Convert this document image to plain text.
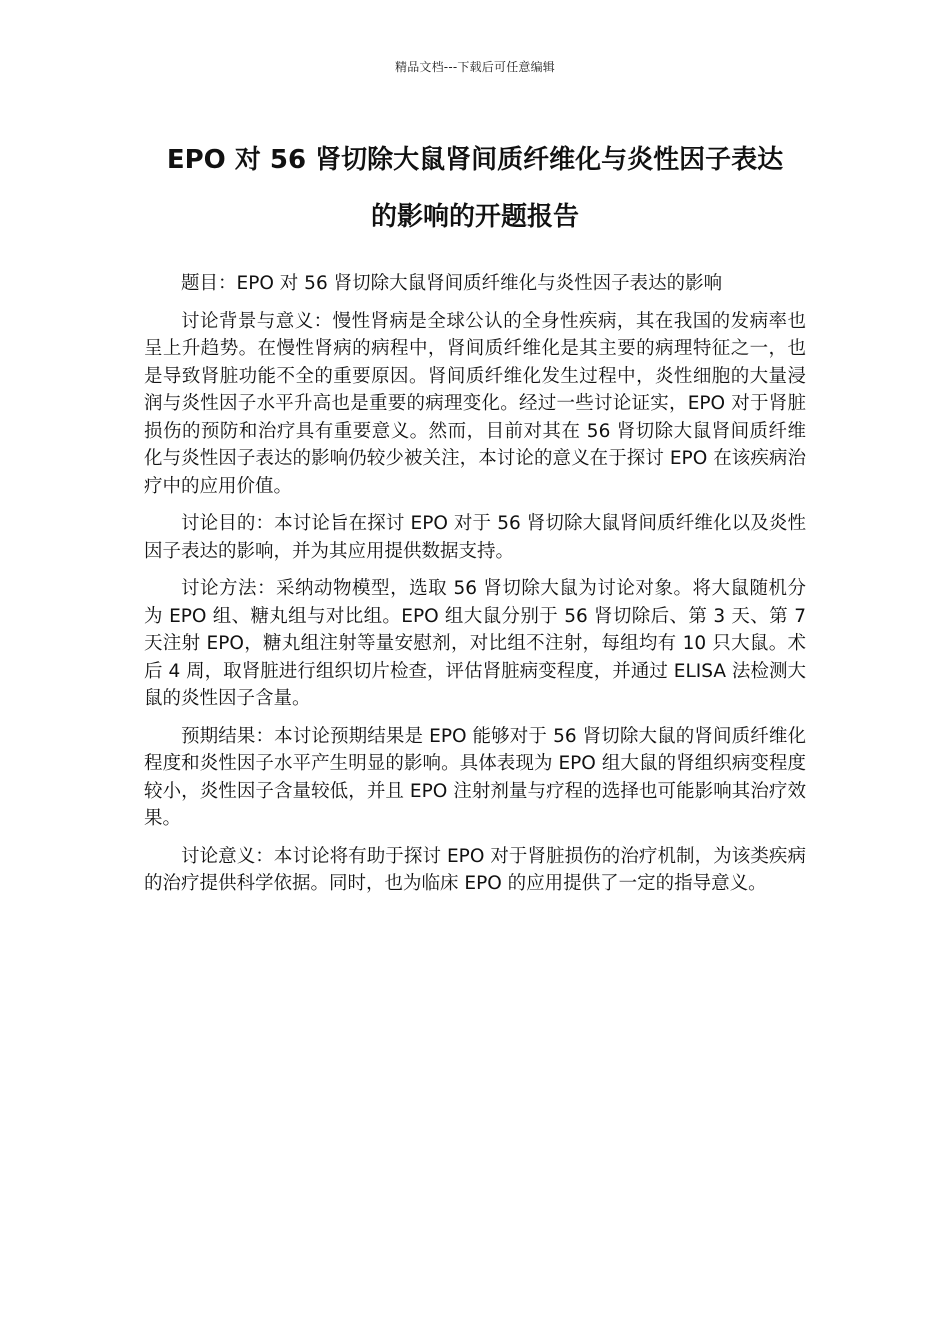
精品文档---下载后可任意编辑
EPO 对 56 肾切除大鼠肾间质纤维化与炎性因子表达
的影响的开题报告

题目：EPO 对 56 肾切除大鼠肾间质纤维化与炎性因子表达的影响

讨论背景与意义：慢性肾病是全球公认的全身性疾病，其在我国的发病率也呈上升趋势。在慢性肾病的病程中，肾间质纤维化是其主要的病理特征之一，也是导致肾脏功能不全的重要原因。肾间质纤维化发生过程中，炎性细胞的大量浸润与炎性因子水平升高也是重要的病理变化。经过一些讨论证实，EPO 对于肾脏损伤的预防和治疗具有重要意义。然而，目前对其在 56 肾切除大鼠肾间质纤维化与炎性因子表达的影响仍较少被关注，本讨论的意义在于探讨 EPO 在该疾病治疗中的应用价值。

讨论目的：本讨论旨在探讨 EPO 对于 56 肾切除大鼠肾间质纤维化以及炎性因子表达的影响，并为其应用提供数据支持。

讨论方法：采纳动物模型，选取 56 肾切除大鼠为讨论对象。将大鼠随机分为 EPO 组、糖丸组与对比组。EPO 组大鼠分别于 56 肾切除后、第 3 天、第 7 天注射 EPO，糖丸组注射等量安慰剂，对比组不注射，每组均有 10 只大鼠。术后 4 周，取肾脏进行组织切片检查，评估肾脏病变程度，并通过 ELISA 法检测大鼠的炎性因子含量。

预期结果：本讨论预期结果是 EPO 能够对于 56 肾切除大鼠的肾间质纤维化程度和炎性因子水平产生明显的影响。具体表现为 EPO 组大鼠的肾组织病变程度较小，炎性因子含量较低，并且 EPO 注射剂量与疗程的选择也可能影响其治疗效果。

讨论意义：本讨论将有助于探讨 EPO 对于肾脏损伤的治疗机制，为该类疾病的治疗提供科学依据。同时，也为临床 EPO 的应用提供了一定的指导意义。
